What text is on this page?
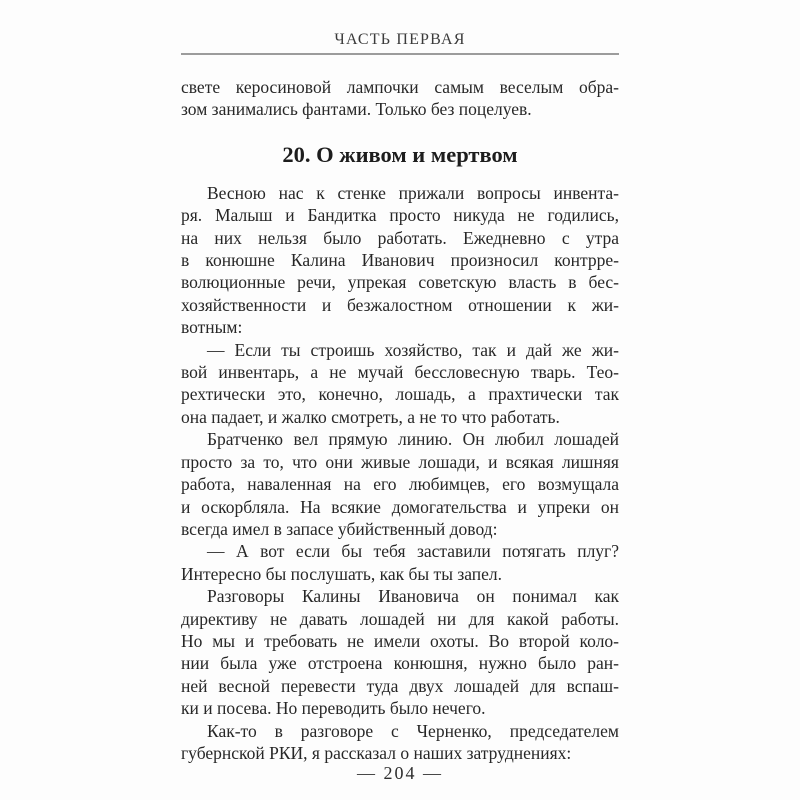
ЧАСТЬ ПЕРВАЯ
свете керосиновой лампочки самым веселым обра-
зом занимались фантами. Только без поцелуев.
20. О живом и мертвом
Весною нас к стенке прижали вопросы инвента-
ря. Малыш и Бандитка просто никуда не годились,
на них нельзя было работать. Ежедневно с утра
в конюшне Калина Иванович произносил контрре-
волюционные речи, упрекая советскую власть в бес-
хозяйственности и безжалостном отношении к жи-
вотным:
— Если ты строишь хозяйство, так и дай же жи-
вой инвентарь, а не мучай бессловесную тварь. Тео-
рехтически это, конечно, лошадь, а прахтически так
она падает, и жалко смотреть, а не то что работать.
Братченко вел прямую линию. Он любил лошадей
просто за то, что они живые лошади, и всякая лишняя
работа, наваленная на его любимцев, его возмущала
и оскорбляла. На всякие домогательства и упреки он
всегда имел в запасе убийственный довод:
— А вот если бы тебя заставили потягать плуг?
Интересно бы послушать, как бы ты запел.
Разговоры Калины Ивановича он понимал как
директиву не давать лошадей ни для какой работы.
Но мы и требовать не имели охоты. Во второй коло-
нии была уже отстроена конюшня, нужно было ран-
ней весной перевести туда двух лошадей для вспаш-
ки и посева. Но переводить было нечего.
Как-то в разговоре с Черненко, председателем
губернской РКИ, я рассказал о наших затруднениях:
— 204 —
